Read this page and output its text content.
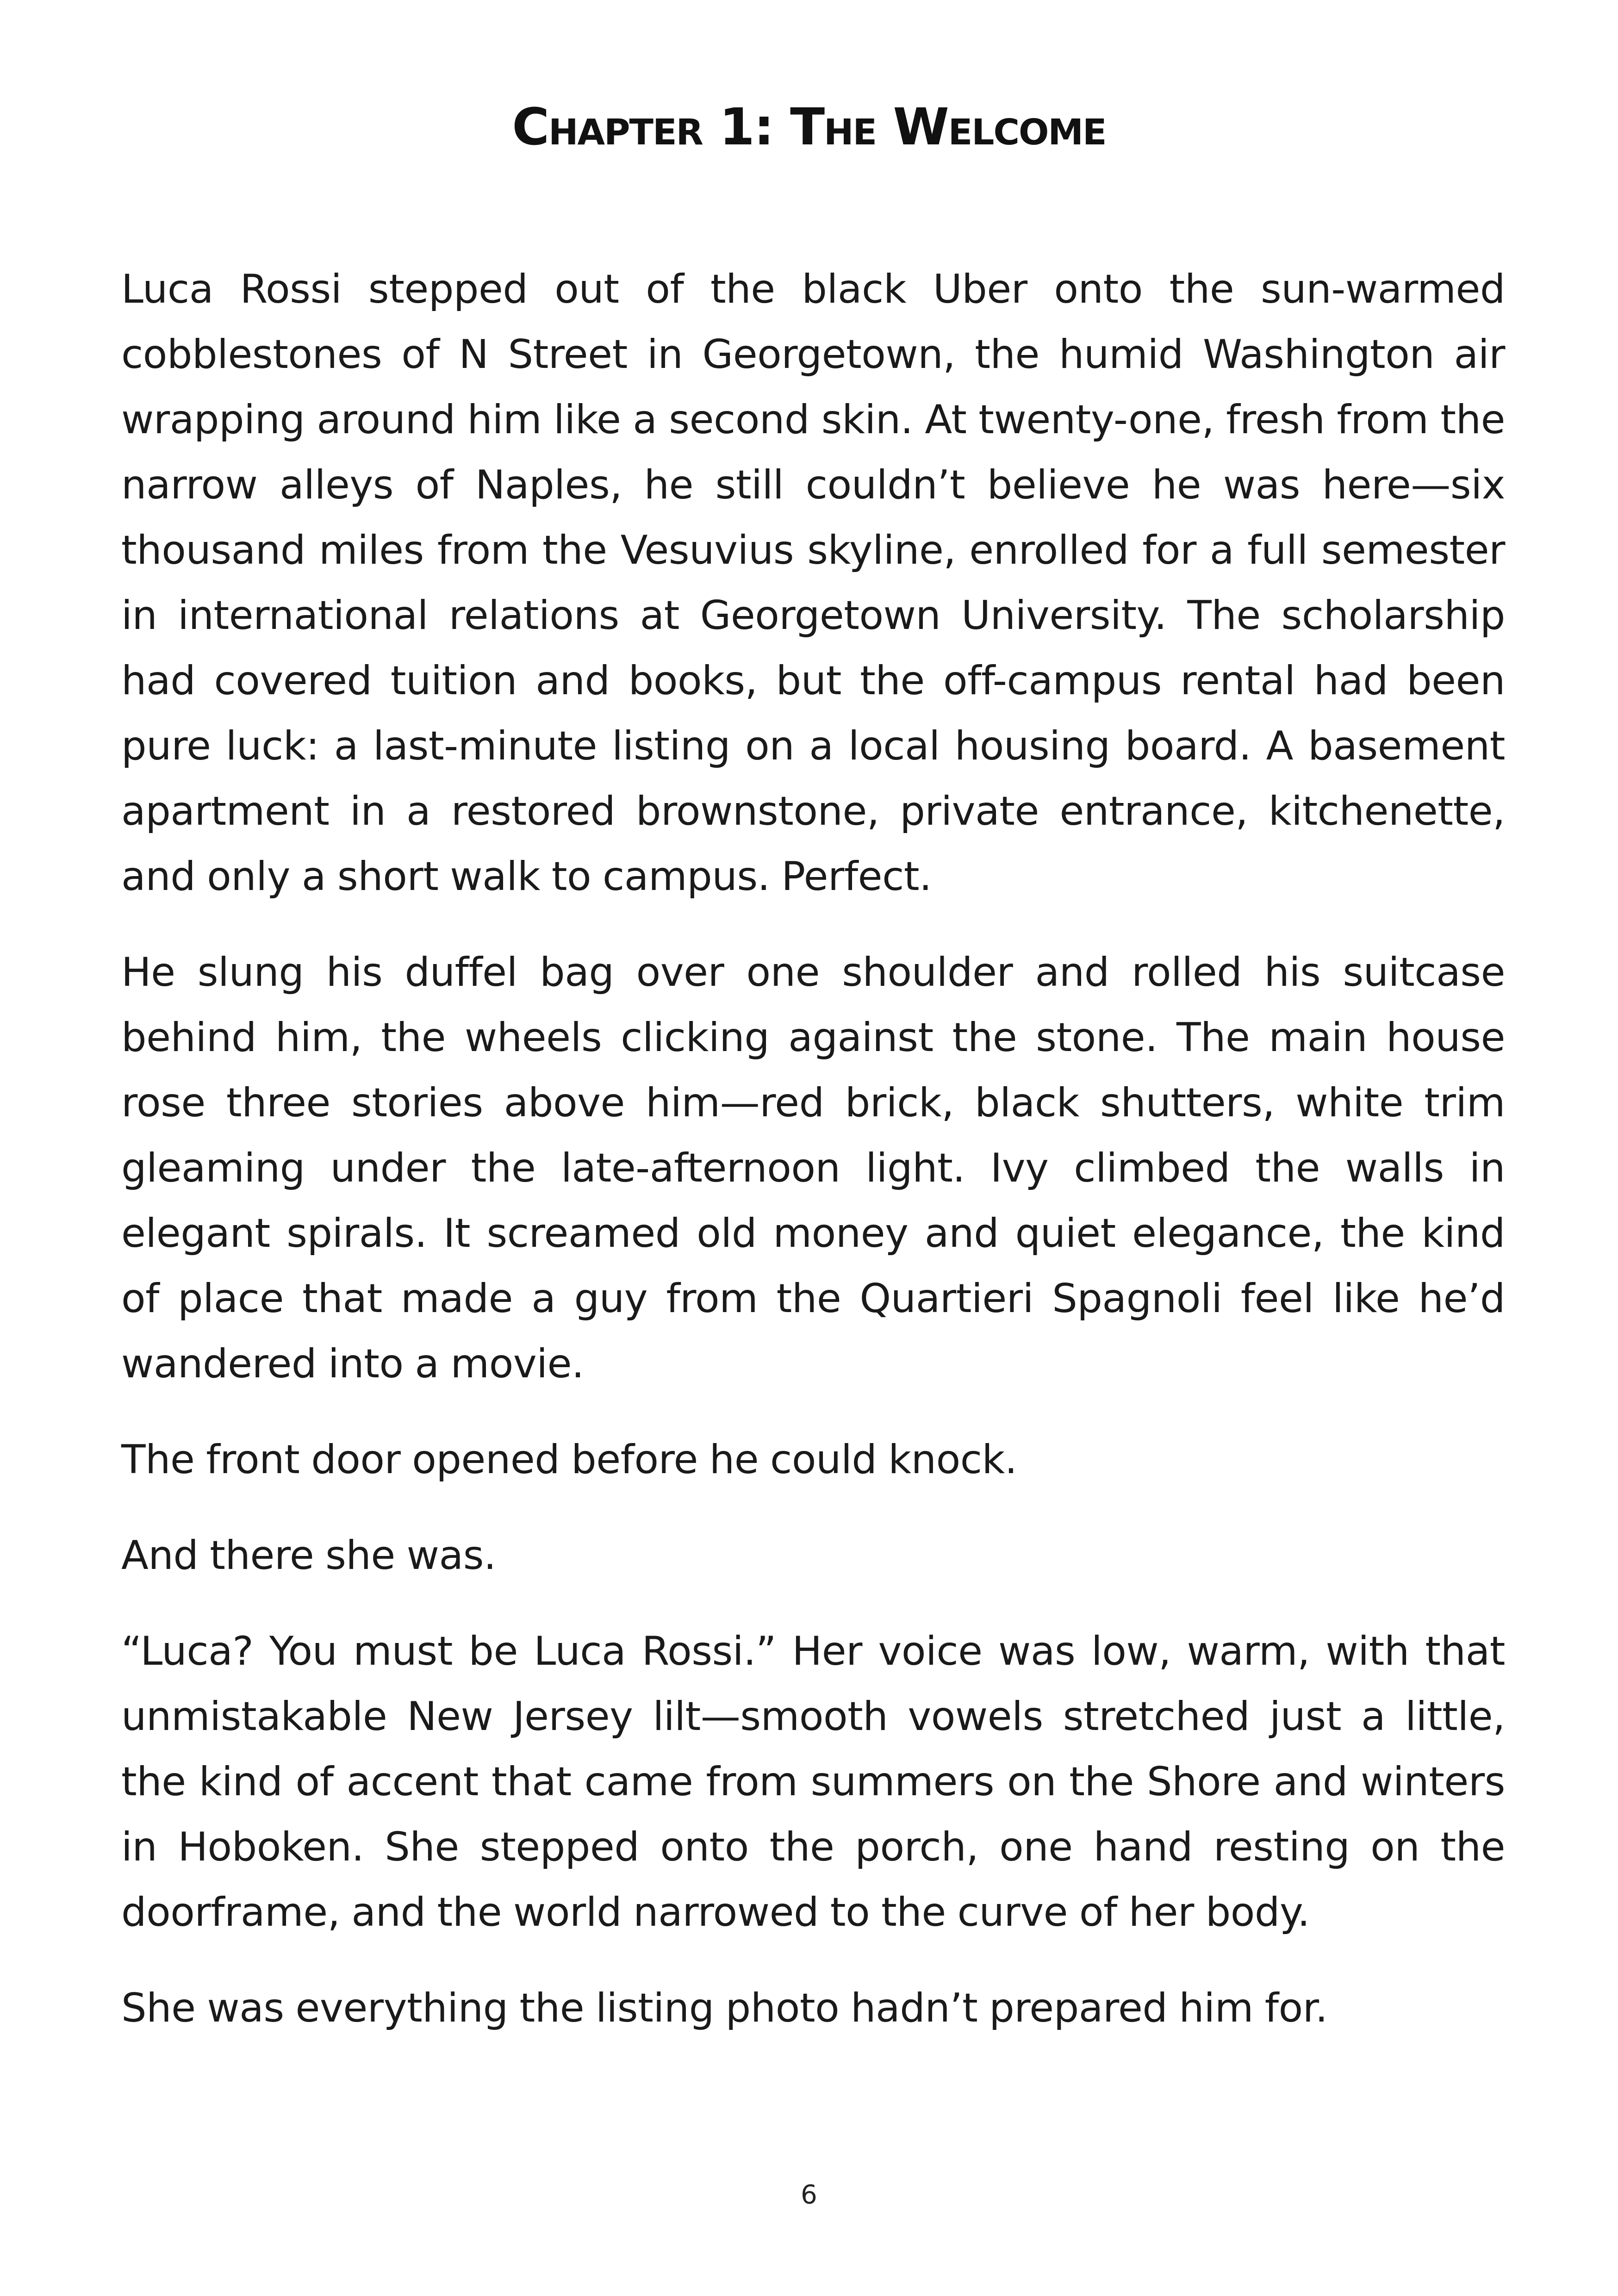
Chapter 1: The Welcome

Luca Rossi stepped out of the black Uber onto the sun-warmed cobblestones of N Street in Georgetown, the humid Washington air wrapping around him like a second skin. At twenty-one, fresh from the narrow alleys of Naples, he still couldn’t believe he was here—six thousand miles from the Vesuvius skyline, enrolled for a full semester in international relations at Georgetown University. The scholarship had covered tuition and books, but the off-campus rental had been pure luck: a last-minute listing on a local housing board. A basement apartment in a restored brownstone, private entrance, kitchenette, and only a short walk to campus. Perfect.

He slung his duffel bag over one shoulder and rolled his suitcase behind him, the wheels clicking against the stone. The main house rose three stories above him—red brick, black shutters, white trim gleaming under the late-afternoon light. Ivy climbed the walls in elegant spirals. It screamed old money and quiet elegance, the kind of place that made a guy from the Quartieri Spagnoli feel like he’d wandered into a movie.

The front door opened before he could knock.

And there she was.

“Luca? You must be Luca Rossi.” Her voice was low, warm, with that unmistakable New Jersey lilt—smooth vowels stretched just a little, the kind of accent that came from summers on the Shore and winters in Hoboken. She stepped onto the porch, one hand resting on the doorframe, and the world narrowed to the curve of her body.

She was everything the listing photo hadn’t prepared him for.

6
